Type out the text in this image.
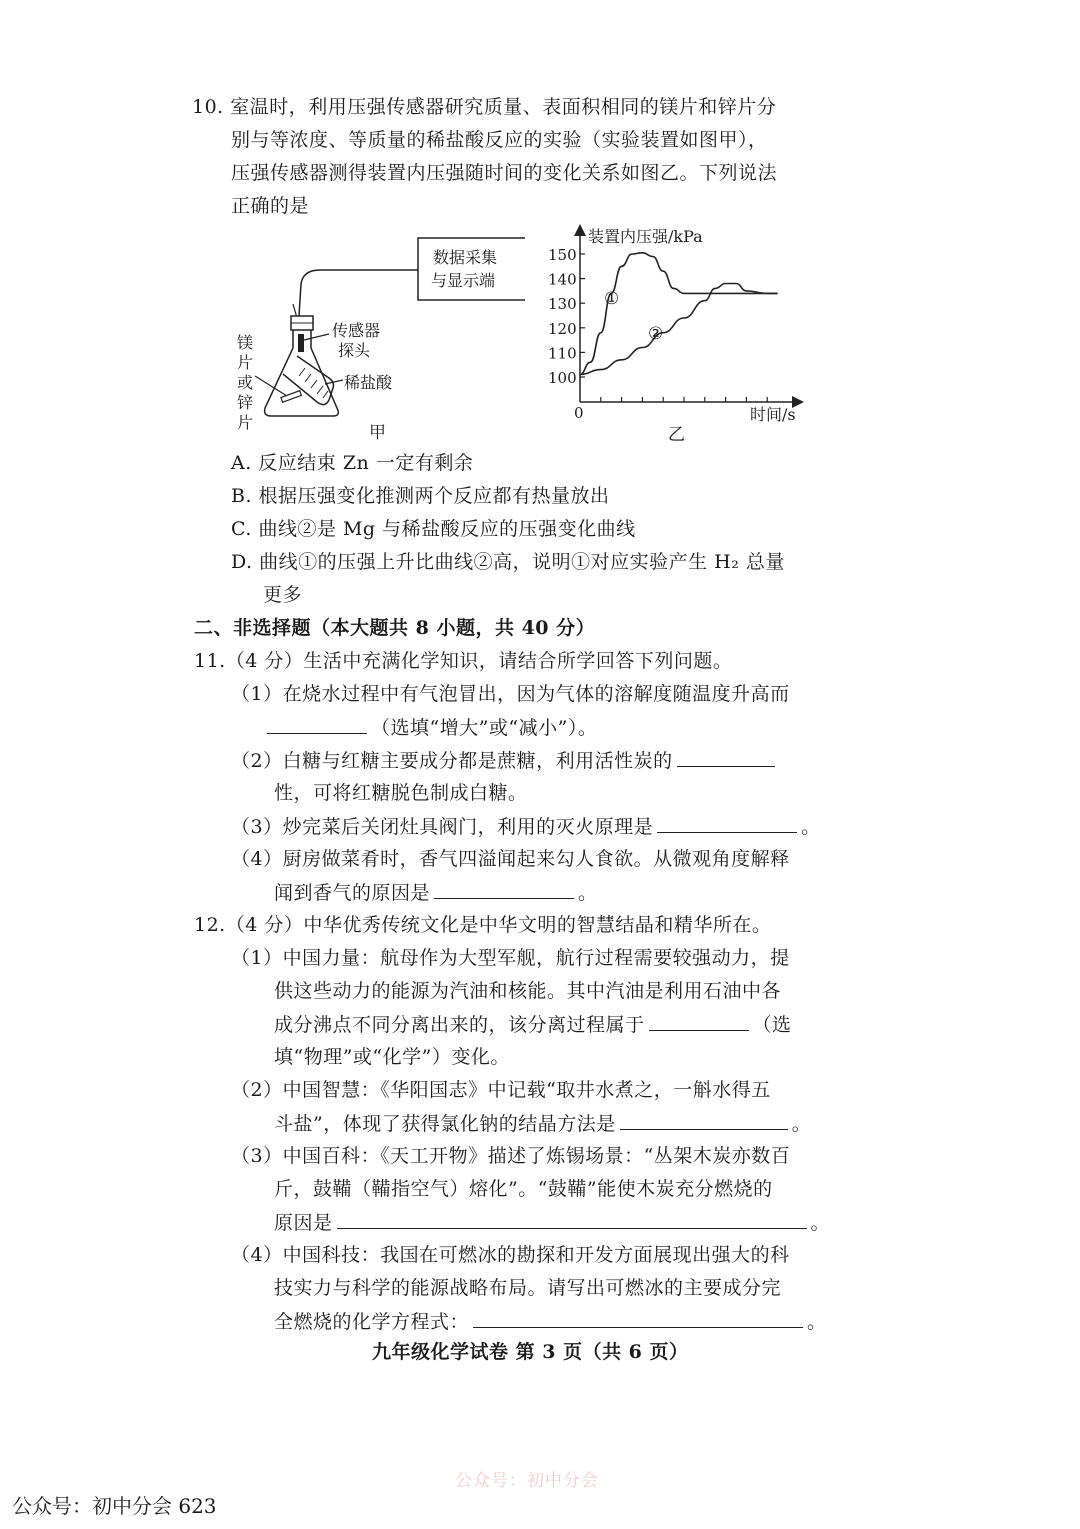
10. 室温时，利用压强传感器研究质量、表面积相同的镁片和锌片分
别与等浓度、等质量的稀盐酸反应的实验（实验装置如图甲），
压强传感器测得装置内压强随时间的变化关系如图乙。下列说法
正确的是
数据采集
与显示端
传感器
探头
稀盐酸
镁
片
或
锌
片
甲
装置内压强/kPa
时间/s
0
乙
150
140
130
120
110
100
①
②
A. 反应结束 Zn 一定有剩余
B. 根据压强变化推测两个反应都有热量放出
C. 曲线②是 Mg 与稀盐酸反应的压强变化曲线
D. 曲线①的压强上升比曲线②高，说明①对应实验产生 H₂ 总量
更多
二、非选择题（本大题共 8 小题，共 40 分）
11.（4 分）生活中充满化学知识，请结合所学回答下列问题。
（1）在烧水过程中有气泡冒出，因为气体的溶解度随温度升高而
（选填“增大”或“减小”）。
（2）白糖与红糖主要成分都是蔗糖，利用活性炭的
性，可将红糖脱色制成白糖。
（3）炒完菜后关闭灶具阀门，利用的灭火原理是	。
（4）厨房做菜肴时，香气四溢闻起来勾人食欲。从微观角度解释
闻到香气的原因是	。
12.（4 分）中华优秀传统文化是中华文明的智慧结晶和精华所在。
（1）中国力量：航母作为大型军舰，航行过程需要较强动力，提
供这些动力的能源为汽油和核能。其中汽油是利用石油中各
成分沸点不同分离出来的，该分离过程属于	（选
填“物理”或“化学”）变化。
（2）中国智慧：《华阳国志》中记载“取井水煮之，一斛水得五
斗盐”，体现了获得氯化钠的结晶方法是	。
（3）中国百科：《天工开物》描述了炼锡场景：“丛架木炭亦数百
斤，鼓鞴（鞴指空气）熔化”。“鼓鞴”能使木炭充分燃烧的
原因是	。
（4）中国科技：我国在可燃冰的勘探和开发方面展现出强大的科
技实力与科学的能源战略布局。请写出可燃冰的主要成分完
全燃烧的化学方程式：	。
九年级化学试卷 第 3 页（共 6 页）
公众号：初中分会
公众号：初中分会 623
